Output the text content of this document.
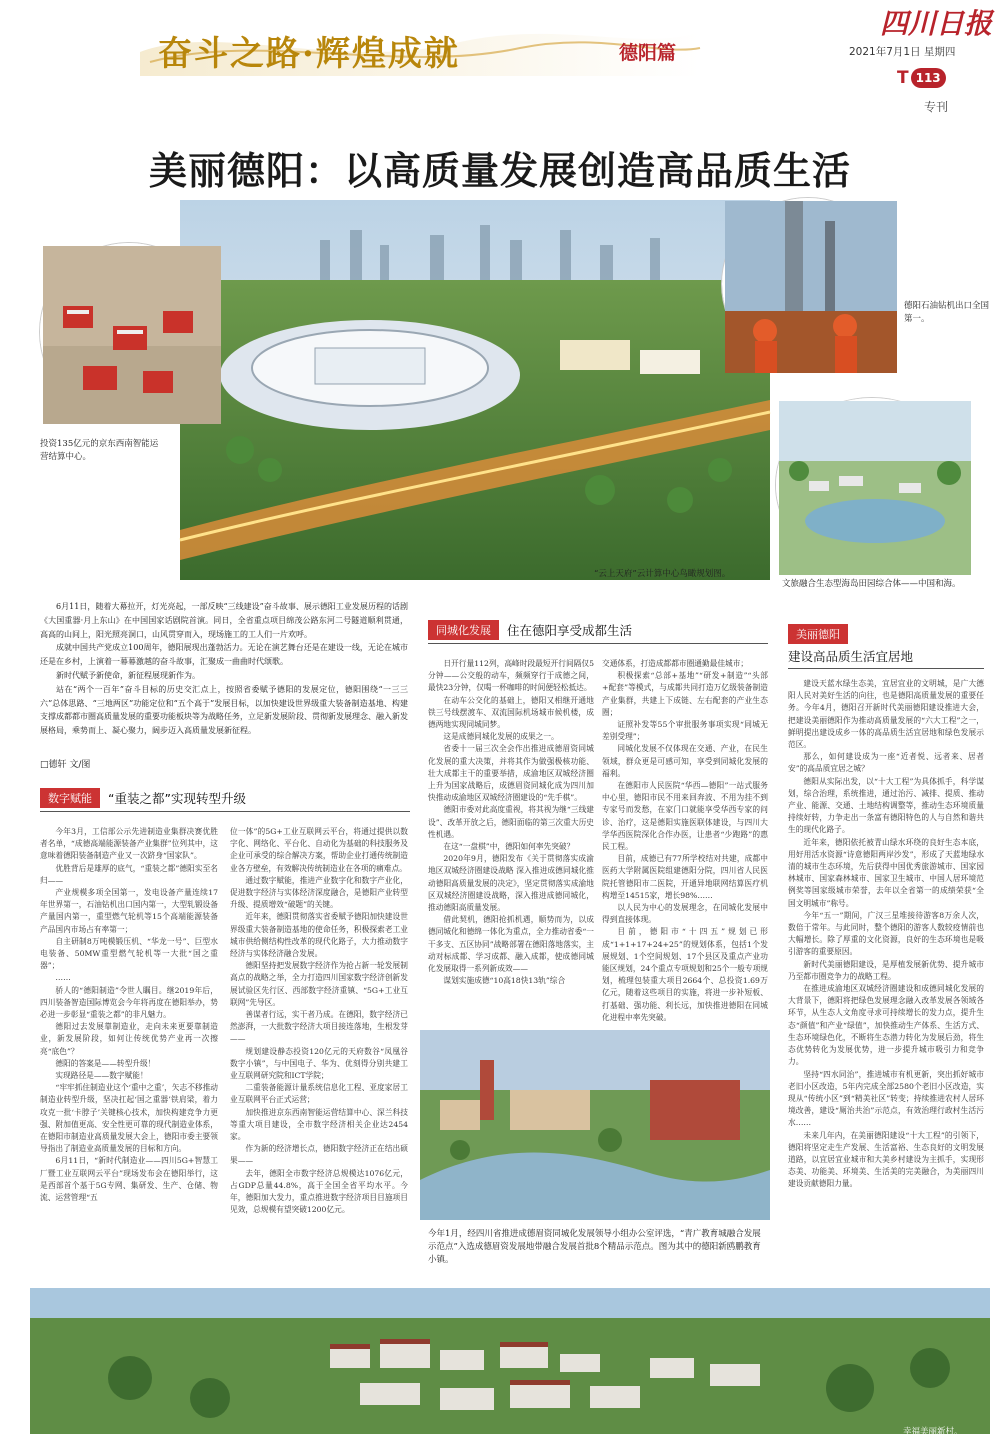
奋斗之路·辉煌成就	德阳篇
四川日报
2021年7月1日 星期四
T 113
专刊
美丽德阳：以高质量发展创造高品质生活
投资135亿元的京东西南智能运营结算中心。
德阳石油钻机出口全国第一。
文旅融合生态型海岛田园综合体——中国和海。
“云上天府”云计算中心鸟瞰规划图。

6月11日，随着大幕拉开，灯光亮起，一部反映“三线建设”奋斗故事、展示德阳工业发展历程的话剧《大国重器·月上东山》在中国国家话剧院首演。同日，全省重点项目绵茂公路东河二号隧道顺利贯通，高高的山间上，阳光照亮洞口，山风贯穿而入，现场施工的工人们一片欢呼。

成就中国共产党成立100周年，德阳展现出蓬勃活力。无论在演艺舞台还是在建设一线，无论在城市还是在乡村，上演着一幕幕激越的奋斗故事，汇聚成一曲曲时代颂歌。

新时代赋予新使命，新征程展现新作为。

站在“两个一百年”奋斗目标的历史交汇点上，按照省委赋予德阳的发展定位，德阳围绕“一三三六”总体思路、“三地两区”功能定位和“五个高于”发展目标，以加快建设世界级重大装备制造基地、构建支撑成都都市圈高质量发展的重要功能板块等为战略任务，立足新发展阶段、贯彻新发展理念、融入新发展格局，乘势而上、凝心聚力，阔步迈入高质量发展新征程。

□德轩 文/图
数字赋能	“重装之都”实现转型升级

今年3月，工信部公示先进制造业集群决赛优胜者名单，“成德高端能源装备产业集群”位列其中，这意味着德阳装备制造产业又一次跻身“国家队”。

优胜背后是雄厚的底气，“重装之都”德阳实至名归——

产业规模多项全国第一，发电设备产量连续17年世界第一，石油钻机出口国内第一，大型轧锻设备产量国内第一，重型燃气轮机等15个高端能源装备产品国内市场占有率第一；

自主研制8万吨模锻压机、“华龙一号”、巨型水电装备、50MW重型燃气轮机等一大批“国之重器”；

……

骄人的“德阳制造”令世人瞩目。继2019年后，四川装备智造国际博览会今年将再度在德阳举办，势必进一步彰显“重装之都”的非凡魅力。

德阳过去发展靠制造业，走向未来更要靠制造业，新发展阶段，如何让传统优势产业再一次擦亮“底色”？

德阳的答案是——转型升级！

实现路径是——数字赋能！

“牢牢抓住制造业这个‘重中之重’，矢志不移推动制造业转型升级，坚决扛起‘国之重器’铁肩梁，着力攻克一批‘卡脖子’关键核心技术，加快构建竞争力更强、附加值更高、安全性更可靠的现代制造业体系，在德阳市制造业高质量发展大会上，德阳市委主要领导指出了制造业高质量发展的目标和方向。

6月11日，“新时代制造业——四川5G+智慧工厂暨工业互联网云平台”现场发布会在德阳举行，这是西部首个基于5G专网、集研发、生产、仓储、物流、运营管理“五

位一体”的5G+工业互联网云平台，将通过提供以数字化、网络化、平台化、自动化为基础的科技服务及企业可承受的综合解决方案，帮助企业打通传统制造业各方壁垒，有效解决传统制造业在各项的痛难点。

通过数字赋能，推进产业数字化和数字产业化，促进数字经济与实体经济深度融合，是德阳产业转型升级、提质增效“破题”的关键。

近年来，德阳贯彻落实省委赋予德阳加快建设世界级重大装备制造基地的使命任务，积极探索老工业城市供给侧结构性改革的现代化路子，大力推动数字经济与实体经济融合发展。

德阳坚持把发展数字经济作为抢占新一轮发展制高点的战略之举，全力打造四川国家数字经济创新发展试验区先行区、西部数字经济重镇、“5G+工业互联网”先导区。

善谋者行远，实干者乃成。在德阳，数字经济已然澎湃，一大批数字经济大项目接连落地，生根发芽——

规划建设静态投资120亿元的天府数谷“凤凰谷数字小镇”，与中国电子、华为、优刻得分别共建工业互联网研究院和ICT学院；

二重装备能源计量系统信息化工程、亚度家居工业互联网平台正式运营；

加快推进京东西南智能运营结算中心、深兰科技等重大项目建设，全市数字经济相关企业达2454家。

作为新的经济增长点，德阳数字经济正在结出硕果——

去年，德阳全市数字经济总规模达1076亿元，占GDP总量44.8%，高于全国全省平均水平。今年，德阳加大发力，重点推进数字经济项目目施项目见效，总规模有望突破1200亿元。

同城化发展	住在德阳享受成都生活

日开行量112列，高峰时段最短开行间隔仅5分钟——公交般的动车，频频穿行于成德之间，最快23分钟，仅喝一杯咖啡的时间便轻松抵达。

在动车公交化的基础上，德阳又相继开通地铁三号线摆渡车、双流国际机场城市候机楼，成德两地实现同城同梦。

这是成德同城化发展的成果之一。

省委十一届三次全会作出推进成德眉资同城化发展的重大决策，并将其作为做强极核功能、壮大成都主干的重要举措，成渝地区双城经济圈上升为国家战略后，成德眉资同城化成为四川加快推动成渝地区双城经济圈建设的“先手棋”。

德阳市委对此高度重视，将其视为继“三线建设”、改革开放之后，德阳面临的第三次重大历史性机遇。

在这“一盘棋”中，德阳如何率先突破？

2020年9月，德阳发布《关于贯彻落实成渝地区双城经济圈建设战略 深入推进成德同城化推动德阳高质量发展的决定》，坚定贯彻落实成渝地区双城经济圈建设战略，深入推进成德同城化，推动德阳高质量发展。

借此契机，德阳抢抓机遇，顺势而为，以成德同城化和德绵一体化为重点，全力推动省委“一干多支、五区协同”战略部署在德阳落地落实，主动对标成都、学习成都、融入成都，使成德同城化发展取得一系列新成效——

谋划实施成德“10高18快13轨”综合

交通体系，打造成都都市圈通勤最佳城市；

积极探索“总部+基地”“研发+制造”“头部+配套”等模式，与成都共同打造万亿级装备制造产业集群，共建上下成链、左右配套的产业生态圈；

证照补发等55个审批服务事项实现“同城无差别受理”；

同城化发展不仅体现在交通、产业，在民生领域，群众更是可感可知，享受到同城化发展的福利。

在德阳市人民医院“华西—德阳”一站式服务中心里，德阳市民不用来回奔波、不用为挂不到专家号而发愁，在家门口就能享受华西专家的问诊、治疗，这是德阳实施医联体建设，与四川大学华西医院深化合作办医，让患者“少跑路”的惠民工程。

目前，成德已有77所学校结对共建，成都中医药大学附属医院组建德阳分院，四川省人民医院托管德阳市二医院，开通异地联网结算医疗机构增至14515家，增长98%……

以人民为中心的发展理念，在同城化发展中得到直接体现。

目前，德阳市“十四五”规划已形成“1+1+17+24+25”的规划体系，包括1个发展规划、1个空间规划、17个县区及重点产业功能区规划，24个重点专项规划和25个一般专项规划，梳理包装重大项目2664个、总投资1.69万亿元，随着这些项目的实施，将进一步补短板、打基础、强功能、利长远，加快推进德阳在同城化进程中率先突破。

今年1月，经四川省推进成德眉资同城化发展领导小组办公室评选，“青广教育城融合发展示范点”入选成德眉资发展地带融合发展首批8个精品示范点。图为其中的德阳新鸥鹏教育小镇。
美丽德阳
建设高品质生活宜居地

建设天蓝水绿生态美，宜居宜业的文明城，是广大德阳人民对美好生活的向往，也是德阳高质量发展的重要任务。今年4月，德阳召开新时代美丽德阳建设推进大会，把建设美丽德阳作为推动高质量发展的“六大工程”之一，鲜明提出建设成乡一体的高品质生活宜居地和绿色发展示范区。

那么，如何建设成为一座“近者悦、远者来、居者安”的高品质宜居之城？

德阳从实际出发，以“十大工程”为具体抓手，科学谋划，综合治理，系统推进，通过治污、减排、提质、推动产业、能源、交通、土地结构调整等，推动生态环境质量持续好转，力争走出一条富有德阳特色的人与自然和谐共生的现代化路子。

近年来，德阳依托被青山绿水环绕的良好生态本底，用好用活水资源“诗意德阳两岸沙发”，形成了天蓝地绿水清的城市生态环境，先后获得中国优秀旅游城市、国家园林城市、国家森林城市、国家卫生城市、中国人居环境范例奖等国家级城市荣誉，去年以全省第一的成绩荣获“全国文明城市”称号。

今年“五一”期间，广汉三星堆接待游客8万余人次，数倍于常年。与此同时，整个德阳的游客人数较疫情前也大幅增长。除了厚重的文化资源，良好的生态环境也是吸引游客的重要原因。

新时代美丽德阳建设，是厚植发展新优势、提升城市乃至都市圈竞争力的战略工程。

在推进成渝地区双城经济圈建设和成德同城化发展的大背景下，德阳将把绿色发展理念融入改革发展各领域各环节，从生态人文角度寻求可持续增长的发力点，提升生态“颜值”和产业“绿值”，加快推动生产体系、生活方式、生态环境绿色化，不断将生态潜力转化为发展后劲，将生态优势转化为发展优势，进一步提升城市吸引力和竞争力。

坚持“四水同治”，推进城市有机更新，突出抓好城市老旧小区改造，5年内完成全部2580个老旧小区改造，实现从“传统小区”到“精美社区”转变；持续推进农村人居环境改善，建设“厕治共治”示范点，有效治理行政村生活污水……

未来几年内，在美丽德阳建设“十大工程”的引领下，德阳将坚定走生产发展、生活富裕、生态良好的文明发展道路，以宜居宜业城市和大美乡村建设为主抓手，实现形态美、功能美、环境美、生活美的完美融合，为美丽四川建设贡献德阳力量。

幸福美丽新村。
